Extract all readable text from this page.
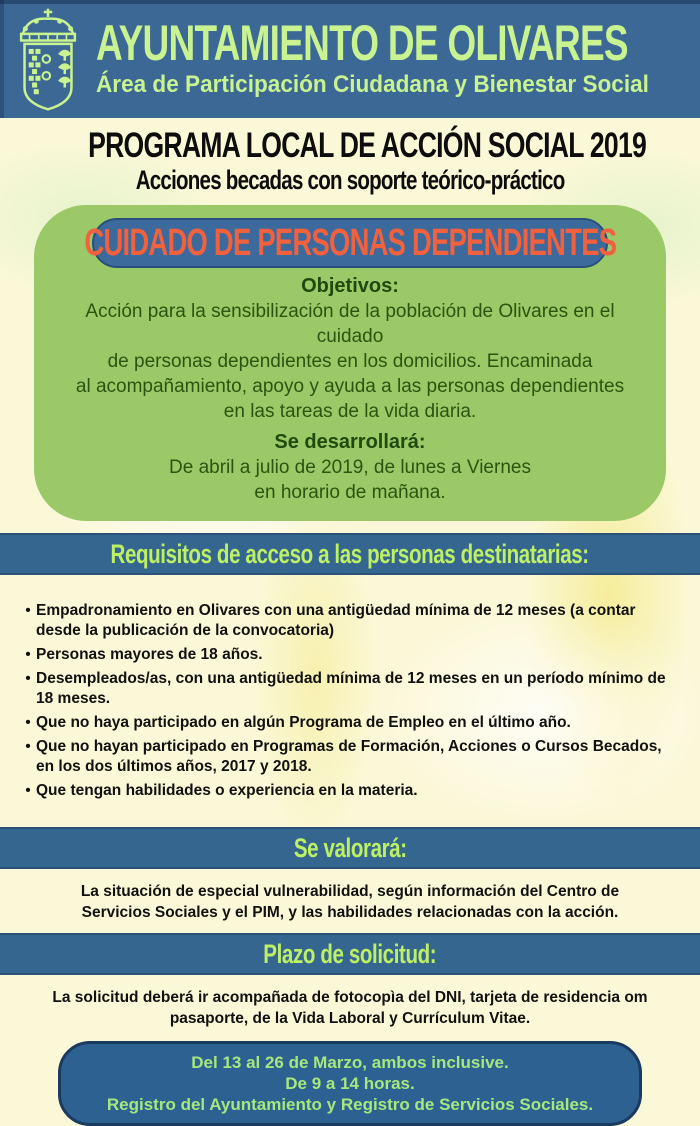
AYUNTAMIENTO DE OLIVARES
Área de Participación Ciudadana y Bienestar Social
PROGRAMA LOCAL DE ACCIÓN SOCIAL 2019
Acciones becadas con soporte teórico-práctico
CUIDADO DE PERSONAS DEPENDIENTES
Objetivos:
Acción para la sensibilización de la población de Olivares en el cuidado
de personas dependientes en los domicilios. Encaminada
al acompañamiento, apoyo y ayuda a las personas dependientes
en las tareas de la vida diaria.
Se desarrollará:
De abril a julio de 2019, de lunes a Viernes
en horario de mañana.
Requisitos de acceso a las personas destinatarias:
• Empadronamiento en Olivares con una antigüedad mínima de 12 meses (a contar desde la publicación de la convocatoria)
• Personas mayores de 18 años.
• Desempleados/as, con una antigüedad mínima de 12 meses en un período mínimo de 18 meses.
• Que no haya participado en algún Programa de Empleo en el último año.
• Que no hayan participado en Programas de Formación, Acciones o Cursos Becados, en los dos últimos años, 2017 y 2018.
• Que tengan habilidades o experiencia en la materia.
Se valorará:
La situación de especial vulnerabilidad, según información del Centro de Servicios Sociales y el PIM, y las habilidades relacionadas con la acción.
Plazo de solicitud:
La solicitud deberá ir acompañada de fotocopìa del DNI, tarjeta de residencia om pasaporte, de la Vida Laboral y Currículum Vitae.
Del 13 al 26 de Marzo, ambos inclusive.
De 9 a 14 horas.
Registro del Ayuntamiento y Registro de Servicios Sociales.
